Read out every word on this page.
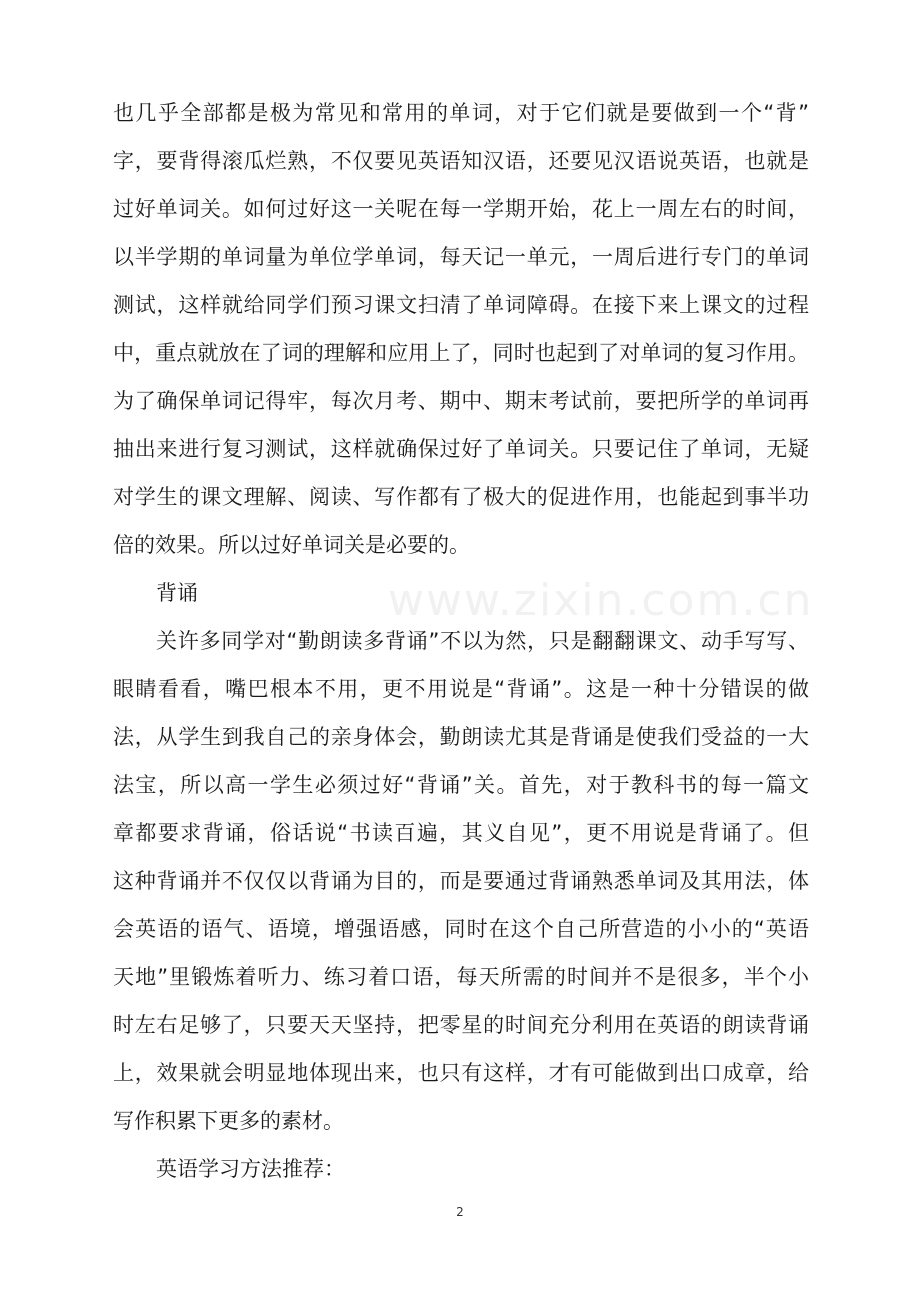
www.zixin.com.cn
也几乎全部都是极为常见和常用的单词，对于它们就是要做到一个“背”
字，要背得滚瓜烂熟，不仅要见英语知汉语，还要见汉语说英语，也就是
过好单词关。如何过好这一关呢在每一学期开始，花上一周左右的时间，
以半学期的单词量为单位学单词，每天记一单元，一周后进行专门的单词
测试，这样就给同学们预习课文扫清了单词障碍。在接下来上课文的过程
中，重点就放在了词的理解和应用上了，同时也起到了对单词的复习作用。
为了确保单词记得牢，每次月考、期中、期末考试前，要把所学的单词再
抽出来进行复习测试，这样就确保过好了单词关。只要记住了单词，无疑
对学生的课文理解、阅读、写作都有了极大的促进作用，也能起到事半功
倍的效果。所以过好单词关是必要的。
背诵
关许多同学对“勤朗读多背诵”不以为然，只是翻翻课文、动手写写、
眼睛看看，嘴巴根本不用，更不用说是“背诵”。这是一种十分错误的做
法，从学生到我自己的亲身体会，勤朗读尤其是背诵是使我们受益的一大
法宝，所以高一学生必须过好“背诵”关。首先，对于教科书的每一篇文
章都要求背诵，俗话说“书读百遍，其义自见”，更不用说是背诵了。但
这种背诵并不仅仅以背诵为目的，而是要通过背诵熟悉单词及其用法，体
会英语的语气、语境，增强语感，同时在这个自己所营造的小小的“英语
天地”里锻炼着听力、练习着口语，每天所需的时间并不是很多，半个小
时左右足够了，只要天天坚持，把零星的时间充分利用在英语的朗读背诵
上，效果就会明显地体现出来，也只有这样，才有可能做到出口成章，给
写作积累下更多的素材。
英语学习方法推荐：
2
